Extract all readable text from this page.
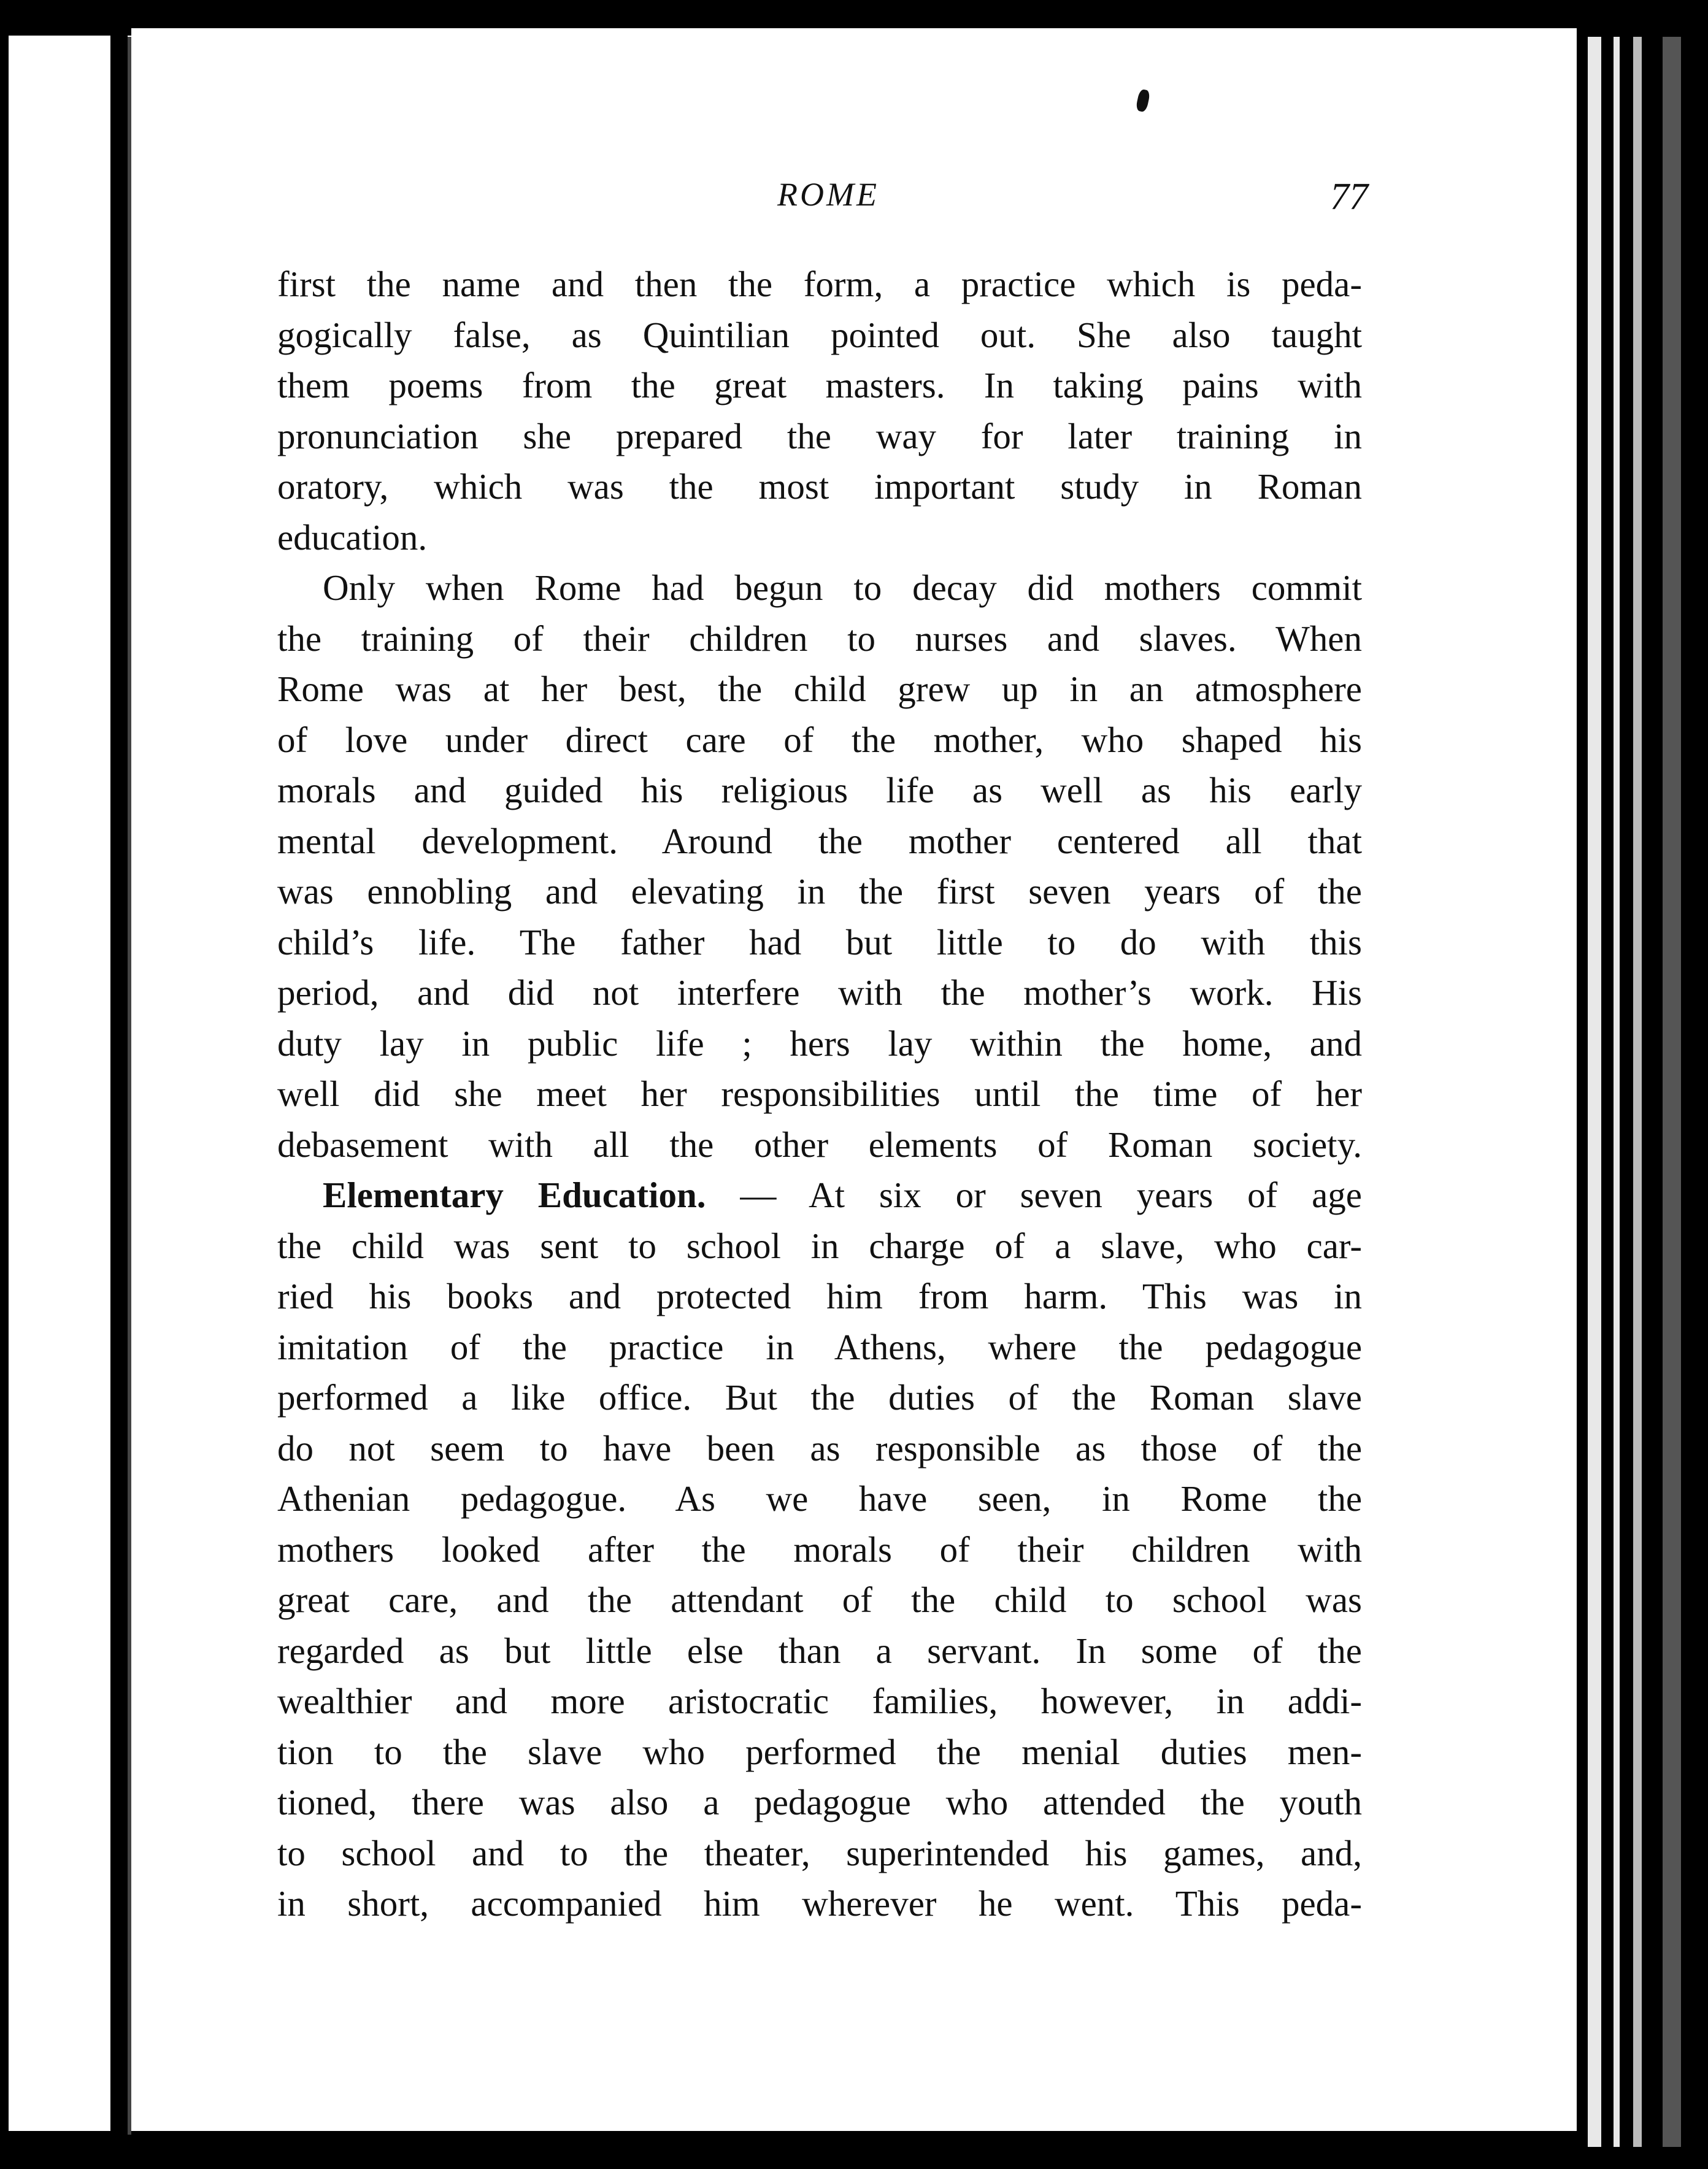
ROME	77

first the name and then the form, a practice which is peda-
gogically false, as Quintilian pointed out. She also taught
them poems from the great masters. In taking pains with
pronunciation she prepared the way for later training in
oratory, which was the most important study in Roman
education.

Only when Rome had begun to decay did mothers commit
the training of their children to nurses and slaves. When
Rome was at her best, the child grew up in an atmosphere
of love under direct care of the mother, who shaped his
morals and guided his religious life as well as his early
mental development. Around the mother centered all that
was ennobling and elevating in the first seven years of the
child’s life. The father had but little to do with this
period, and did not interfere with the mother’s work. His
duty lay in public life ; hers lay within the home, and
well did she meet her responsibilities until the time of her
debasement with all the other elements of Roman society.

Elementary Education. — At six or seven years of age
the child was sent to school in charge of a slave, who car-
ried his books and protected him from harm. This was in
imitation of the practice in Athens, where the pedagogue
performed a like office. But the duties of the Roman slave
do not seem to have been as responsible as those of the
Athenian pedagogue. As we have seen, in Rome the
mothers looked after the morals of their children with
great care, and the attendant of the child to school was
regarded as but little else than a servant. In some of the
wealthier and more aristocratic families, however, in addi-
tion to the slave who performed the menial duties men-
tioned, there was also a pedagogue who attended the youth
to school and to the theater, superintended his games, and,
in short, accompanied him wherever he went. This peda-
